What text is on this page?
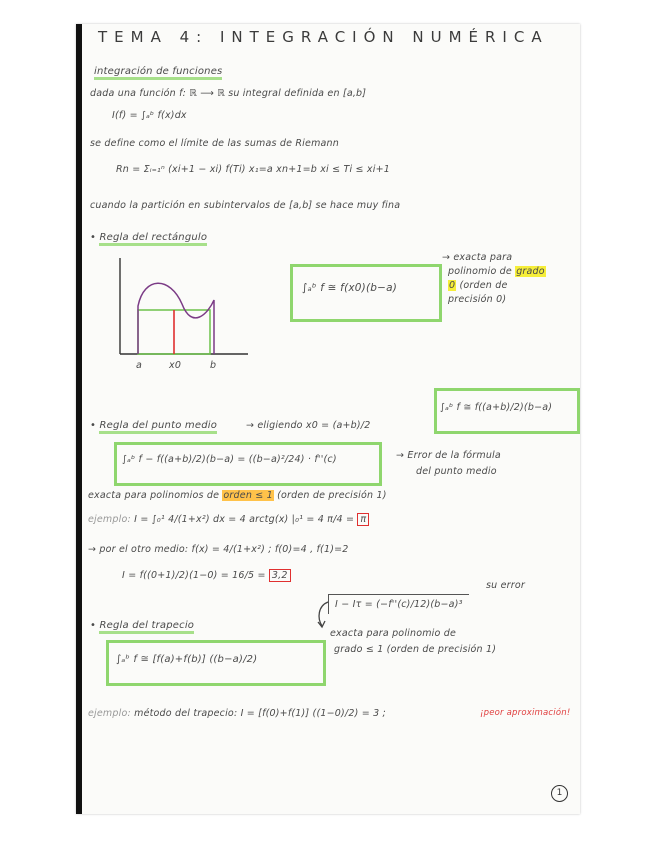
TEMA 4: INTEGRACIÓN NUMÉRICA
integración de funciones
dada una función f: ℝ ⟶ ℝ su integral definida en [a,b]
I(f) = ∫ₐᵇ f(x)dx
se define como el límite de las sumas de Riemann
Rn = Σᵢ₌₁ⁿ (xi+1 − xi) f(Ti) x₁=a xn+1=b xi ≤ Ti ≤ xi+1
cuando la partición en subintervalos de [a,b] se hace muy fina
• Regla del rectángulo
a	x0	b
∫ₐᵇ f ≅ f(x0)(b−a)
→ exacta para
polinomio de grado
0 (orden de
precisión 0)
• Regla del punto medio	→ eligiendo x0 = (a+b)/2
∫ₐᵇ f ≅ f((a+b)/2)(b−a)
∫ₐᵇ f − f((a+b)/2)(b−a) = ((b−a)²/24) · f''(c)	→ Error de la fórmula
del punto medio
exacta para polinomios de orden ≤ 1 (orden de precisión 1)
ejemplo: I = ∫₀¹ 4/(1+x²) dx = 4 arctg(x) |₀¹ = 4 π/4 = π
→ por el otro medio: f(x) = 4/(1+x²) ; f(0)=4 , f(1)=2
I = f((0+1)/2)(1−0) = 16/5 = 3,2
I − Iτ = (−f''(c)/12)(b−a)³
su error
• Regla del trapecio
∫ₐᵇ f ≅ [f(a)+f(b)] ((b−a)/2)
exacta para polinomio de
grado ≤ 1 (orden de precisión 1)
ejemplo: método del trapecio: I = [f(0)+f(1)] ((1−0)/2) = 3 ;	¡peor aproximación!
1
